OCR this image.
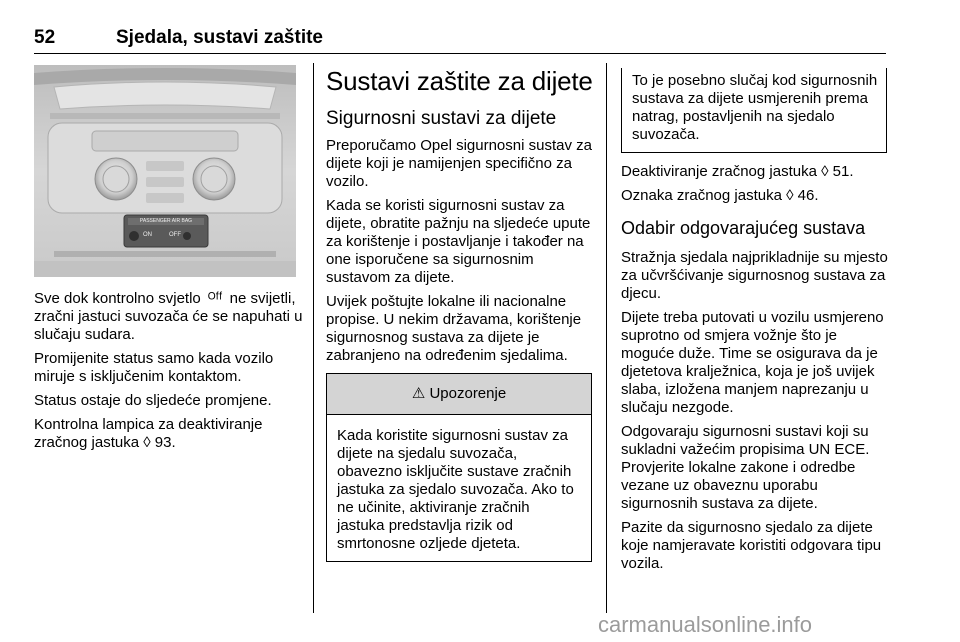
52	Sjedala, sustavi zaštite
PASSENGER AIR BAG
ON	OFF

Sve dok kontrolno svjetlo  ᴼᶠᶠ  ne svijetli, zračni jastuci suvozača će se napuhati u slučaju sudara.

Promijenite status samo kada vozilo miruje s isključenim kontaktom.

Status ostaje do sljedeće promjene.

Kontrolna lampica za deaktiviranje zračnog jastuka ◊ 93.

Sustavi zaštite za dijete
Sigurnosni sustavi za dijete

Preporučamo Opel sigurnosni sustav za dijete koji je namijenjen specifično za vozilo.

Kada se koristi sigurnosni sustav za dijete, obratite pažnju na sljedeće upute za korištenje i postavljanje i također na one isporučene sa sigurnosnim sustavom za dijete.

Uvijek poštujte lokalne ili nacionalne propise. U nekim državama, korištenje sigurnosnog sustava za dijete je zabranjeno na određenim sjedalima.

⚠ Upozorenje
Kada koristite sigurnosni sustav za dijete na sjedalu suvozača, obavezno isključite sustave zračnih jastuka za sjedalo suvozača. Ako to ne učinite, aktiviranje zračnih jastuka predstavlja rizik od smrtonosne ozljede djeteta.
To je posebno slučaj kod sigurnosnih sustava za dijete usmjerenih prema natrag, postavljenih na sjedalo suvozača.

Deaktiviranje zračnog jastuka ◊ 51.

Oznaka zračnog jastuka ◊ 46.

Odabir odgovarajućeg sustava

Stražnja sjedala najprikladnije su mjesto za učvršćivanje sigurnosnog sustava za djecu.

Dijete treba putovati u vozilu usmjereno suprotno od smjera vožnje što je moguće duže. Time se osigurava da je djetetova kralježnica, koja je još uvijek slaba, izložena manjem naprezanju u slučaju nezgode.

Odgovaraju sigurnosni sustavi koji su sukladni važećim propisima UN ECE. Provjerite lokalne zakone i odredbe vezane uz obaveznu uporabu sigurnosnih sustava za dijete.

Pazite da sigurnosno sjedalo za dijete koje namjeravate koristiti odgovara tipu vozila.

carmanualsonline.info
